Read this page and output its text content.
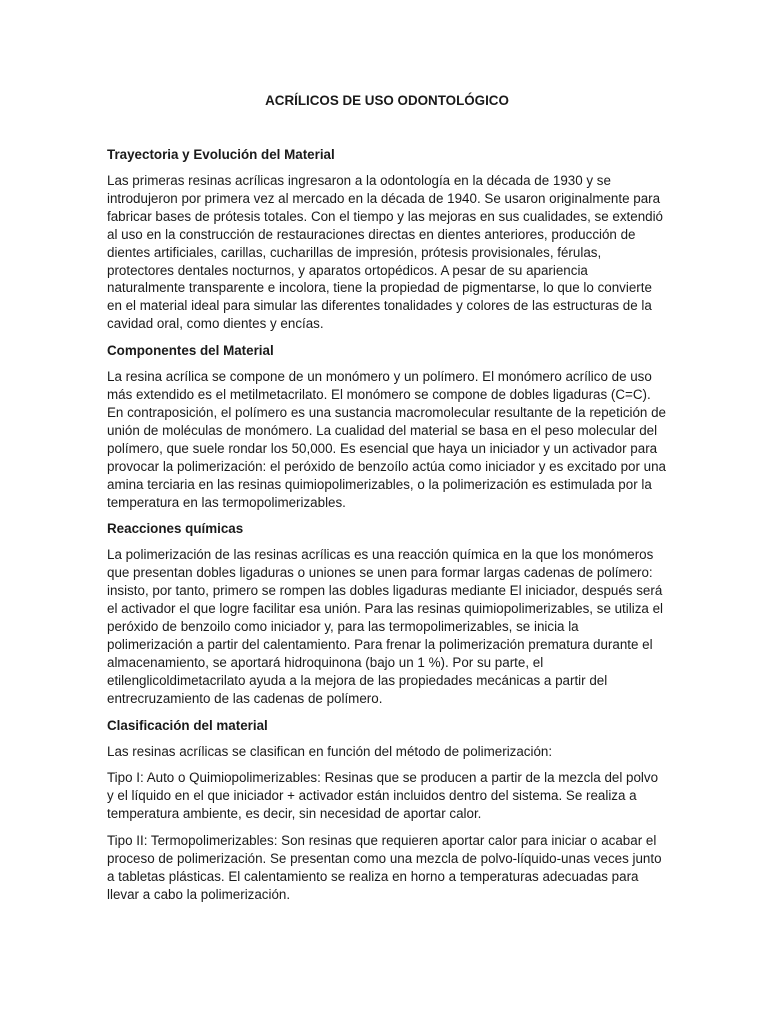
ACRÍLICOS DE USO ODONTOLÓGICO
Trayectoria y Evolución del Material

Las primeras resinas acrílicas ingresaron a la odontología en la década de 1930 y se introdujeron por primera vez al mercado en la década de 1940. Se usaron originalmente para fabricar bases de prótesis totales. Con el tiempo y las mejoras en sus cualidades, se extendió al uso en la construcción de restauraciones directas en dientes anteriores, producción de dientes artificiales, carillas, cucharillas de impresión, prótesis provisionales, férulas, protectores dentales nocturnos, y aparatos ortopédicos. A pesar de su apariencia naturalmente transparente e incolora, tiene la propiedad de pigmentarse, lo que lo convierte en el material ideal para simular las diferentes tonalidades y colores de las estructuras de la cavidad oral, como dientes y encías.

Componentes del Material

La resina acrílica se compone de un monómero y un polímero. El monómero acrílico de uso más extendido es el metilmetacrilato. El monómero se compone de dobles ligaduras (C=C). En contraposición, el polímero es una sustancia macromolecular resultante de la repetición de unión de moléculas de monómero. La cualidad del material se basa en el peso molecular del polímero, que suele rondar los 50,000. Es esencial que haya un iniciador y un activador para provocar la polimerización: el peróxido de benzoílo actúa como iniciador y es excitado por una amina terciaria en las resinas quimiopolimerizables, o la polimerización es estimulada por la temperatura en las termopolimerizables.

Reacciones químicas

La polimerización de las resinas acrílicas es una reacción química en la que los monómeros que presentan dobles ligaduras o uniones se unen para formar largas cadenas de polímero: insisto, por tanto, primero se rompen las dobles ligaduras mediante El iniciador, después será el activador el que logre facilitar esa unión. Para las resinas quimiopolimerizables, se utiliza el peróxido de benzoilo como iniciador y, para las termopolimerizables, se inicia la polimerización a partir del calentamiento. Para frenar la polimerización prematura durante el almacenamiento, se aportará hidroquinona (bajo un 1 %). Por su parte, el etilenglicoldimetacrilato ayuda a la mejora de las propiedades mecánicas a partir del entrecruzamiento de las cadenas de polímero.

Clasificación del material

Las resinas acrílicas se clasifican en función del método de polimerización:

Tipo I: Auto o Quimiopolimerizables: Resinas que se producen a partir de la mezcla del polvo y el líquido en el que iniciador + activador están incluidos dentro del sistema. Se realiza a temperatura ambiente, es decir, sin necesidad de aportar calor.

Tipo II: Termopolimerizables: Son resinas que requieren aportar calor para iniciar o acabar el proceso de polimerización. Se presentan como una mezcla de polvo-líquido-unas veces junto a tabletas plásticas. El calentamiento se realiza en horno a temperaturas adecuadas para llevar a cabo la polimerización.
